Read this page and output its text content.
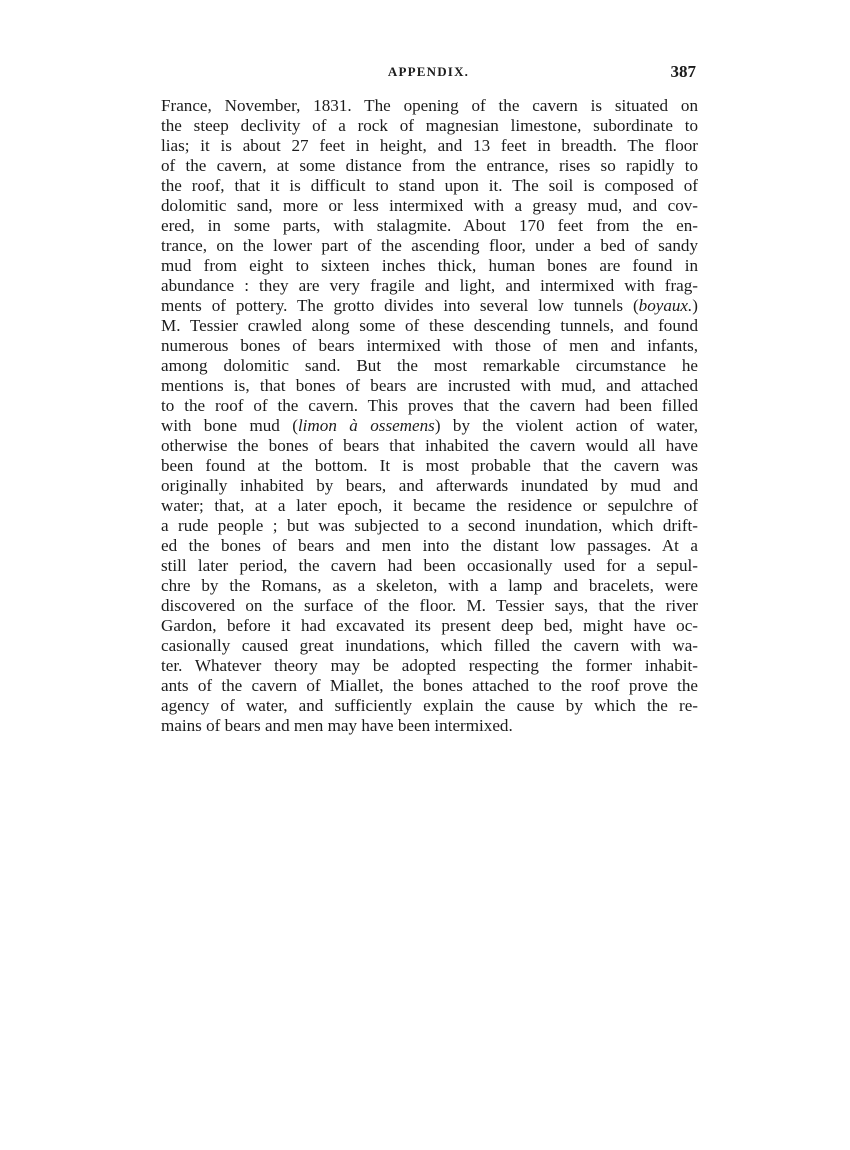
APPENDIX.	387
France, November, 1831. The opening of the cavern is situated on
the steep declivity of a rock of magnesian limestone, subordinate to
lias; it is about 27 feet in height, and 13 feet in breadth. The floor
of the cavern, at some distance from the entrance, rises so rapidly to
the roof, that it is difficult to stand upon it. The soil is composed of
dolomitic sand, more or less intermixed with a greasy mud, and cov-
ered, in some parts, with stalagmite. About 170 feet from the en-
trance, on the lower part of the ascending floor, under a bed of sandy
mud from eight to sixteen inches thick, human bones are found in
abundance : they are very fragile and light, and intermixed with frag-
ments of pottery. The grotto divides into several low tunnels (boyaux.)
M. Tessier crawled along some of these descending tunnels, and found
numerous bones of bears intermixed with those of men and infants,
among dolomitic sand. But the most remarkable circumstance he
mentions is, that bones of bears are incrusted with mud, and attached
to the roof of the cavern. This proves that the cavern had been filled
with bone mud (limon à ossemens) by the violent action of water,
otherwise the bones of bears that inhabited the cavern would all have
been found at the bottom. It is most probable that the cavern was
originally inhabited by bears, and afterwards inundated by mud and
water; that, at a later epoch, it became the residence or sepulchre of
a rude people ; but was subjected to a second inundation, which drift-
ed the bones of bears and men into the distant low passages. At a
still later period, the cavern had been occasionally used for a sepul-
chre by the Romans, as a skeleton, with a lamp and bracelets, were
discovered on the surface of the floor. M. Tessier says, that the river
Gardon, before it had excavated its present deep bed, might have oc-
casionally caused great inundations, which filled the cavern with wa-
ter. Whatever theory may be adopted respecting the former inhabit-
ants of the cavern of Miallet, the bones attached to the roof prove the
agency of water, and sufficiently explain the cause by which the re-
mains of bears and men may have been intermixed.
